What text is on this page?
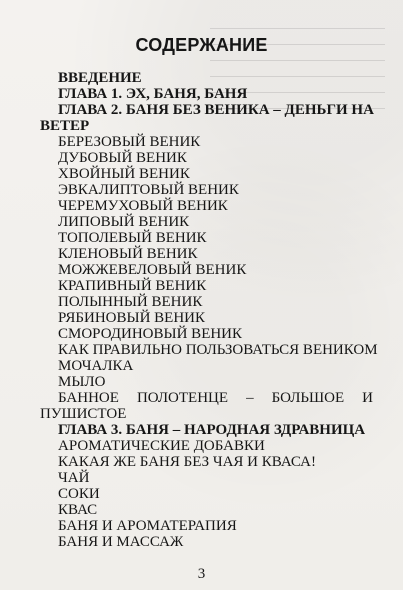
СОДЕРЖАНИЕ
ВВЕДЕНИЕ
ГЛАВА 1. ЭХ, БАНЯ, БАНЯ
ГЛАВА 2. БАНЯ БЕЗ ВЕНИКА – ДЕНЬГИ НА
ВЕТЕР
БЕРЕЗОВЫЙ ВЕНИК
ДУБОВЫЙ ВЕНИК
ХВОЙНЫЙ ВЕНИК
ЭВКАЛИПТОВЫЙ ВЕНИК
ЧЕРЕМУХОВЫЙ ВЕНИК
ЛИПОВЫЙ ВЕНИК
ТОПОЛЕВЫЙ ВЕНИК
КЛЕНОВЫЙ ВЕНИК
МОЖЖЕВЕЛОВЫЙ ВЕНИК
КРАПИВНЫЙ ВЕНИК
ПОЛЫННЫЙ ВЕНИК
РЯБИНОВЫЙ ВЕНИК
СМОРОДИНОВЫЙ ВЕНИК
КАК ПРАВИЛЬНО ПОЛЬЗОВАТЬСЯ ВЕНИКОМ
МОЧАЛКА
МЫЛО
БАННОЕ ПОЛОТЕНЦЕ – БОЛЬШОЕ И
ПУШИСТОЕ
ГЛАВА 3. БАНЯ – НАРОДНАЯ ЗДРАВНИЦА
АРОМАТИЧЕСКИЕ ДОБАВКИ
КАКАЯ ЖЕ БАНЯ БЕЗ ЧАЯ И КВАСА!
ЧАЙ
СОКИ
КВАС
БАНЯ И АРОМАТЕРАПИЯ
БАНЯ И МАССАЖ
3
